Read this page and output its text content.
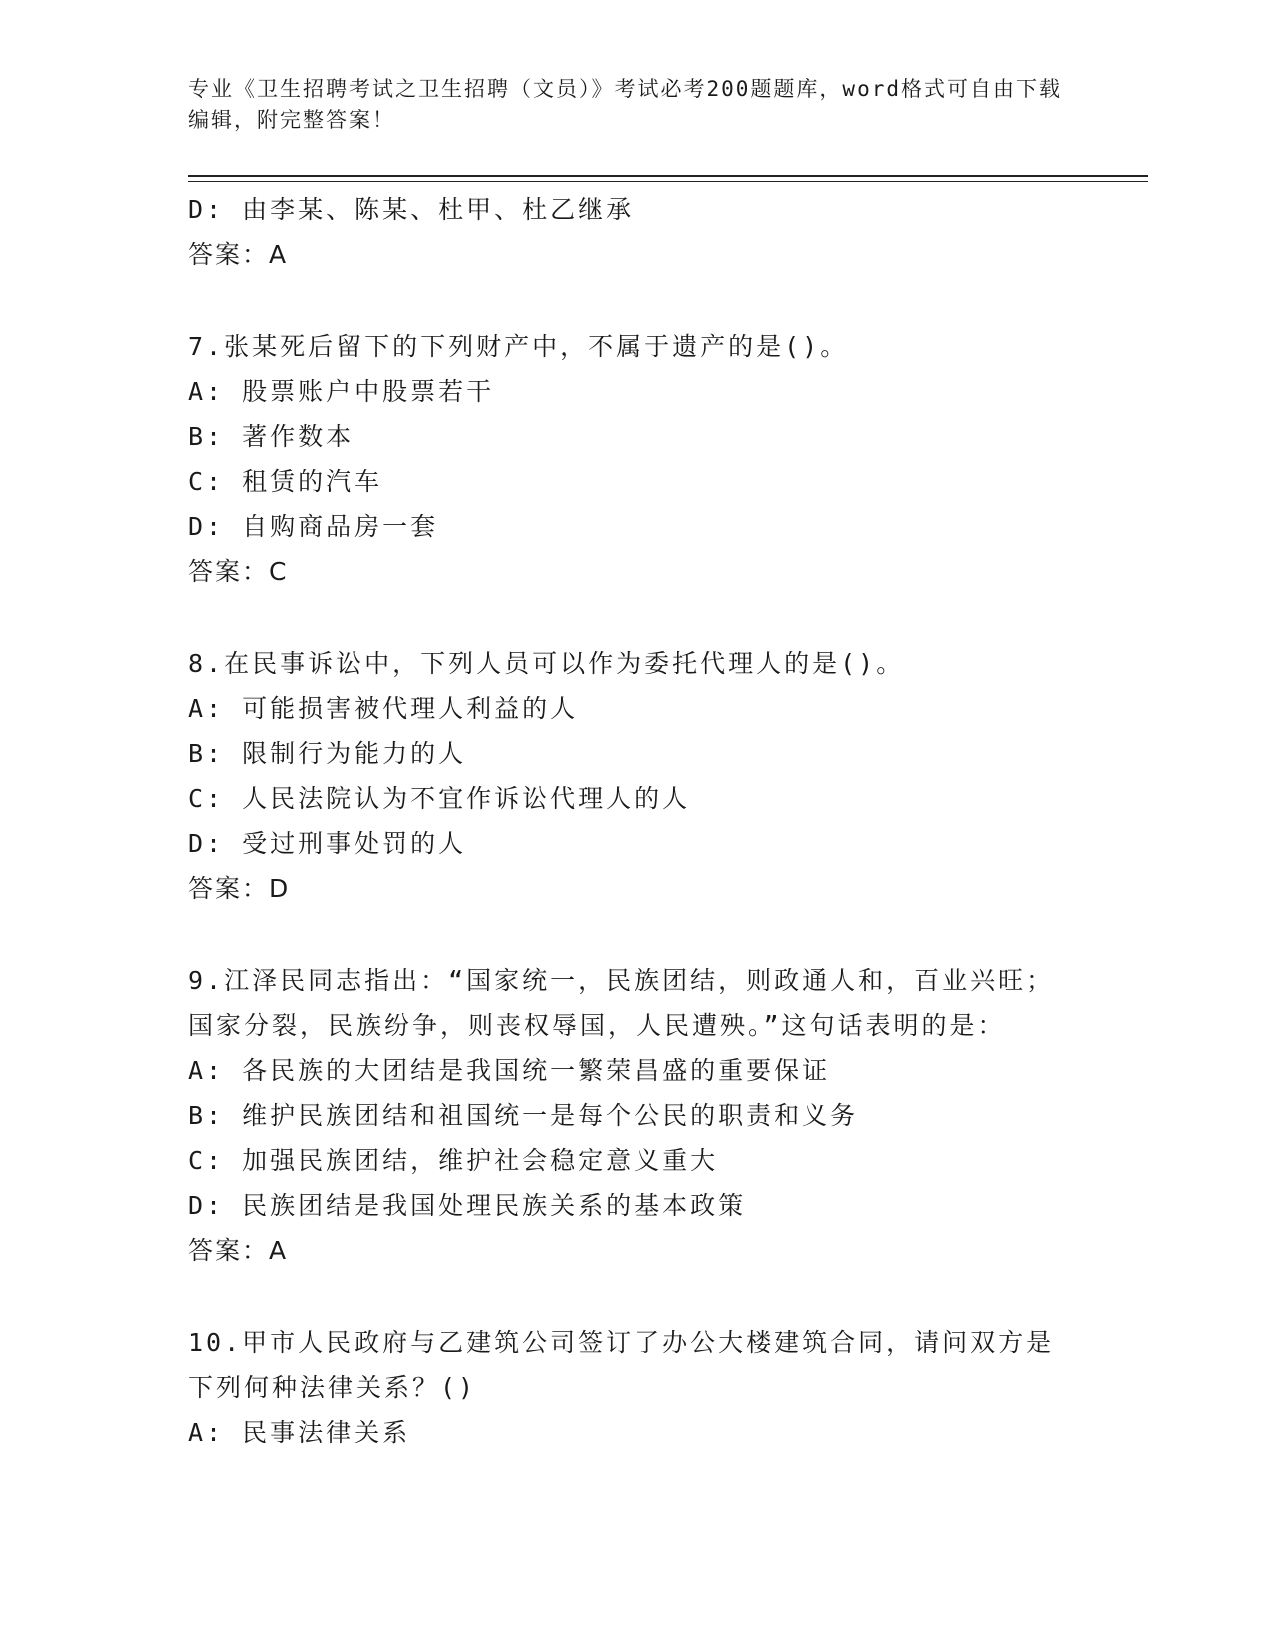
专业《卫生招聘考试之卫生招聘（文员）》考试必考200题题库，word格式可自由下载编辑，附完整答案！
D: 由李某、陈某、杜甲、杜乙继承
答案：A
7.张某死后留下的下列财产中，不属于遗产的是()。
A: 股票账户中股票若干
B: 著作数本
C: 租赁的汽车
D: 自购商品房一套
答案：C
8.在民事诉讼中，下列人员可以作为委托代理人的是()。
A: 可能损害被代理人利益的人
B: 限制行为能力的人
C: 人民法院认为不宜作诉讼代理人的人
D: 受过刑事处罚的人
答案：D
9.江泽民同志指出：“国家统一，民族团结，则政通人和，百业兴旺；
国家分裂，民族纷争，则丧权辱国，人民遭殃。”这句话表明的是：
A: 各民族的大团结是我国统一繁荣昌盛的重要保证
B: 维护民族团结和祖国统一是每个公民的职责和义务
C: 加强民族团结，维护社会稳定意义重大
D: 民族团结是我国处理民族关系的基本政策
答案：A
10.甲市人民政府与乙建筑公司签订了办公大楼建筑合同，请问双方是
下列何种法律关系？()
A: 民事法律关系
